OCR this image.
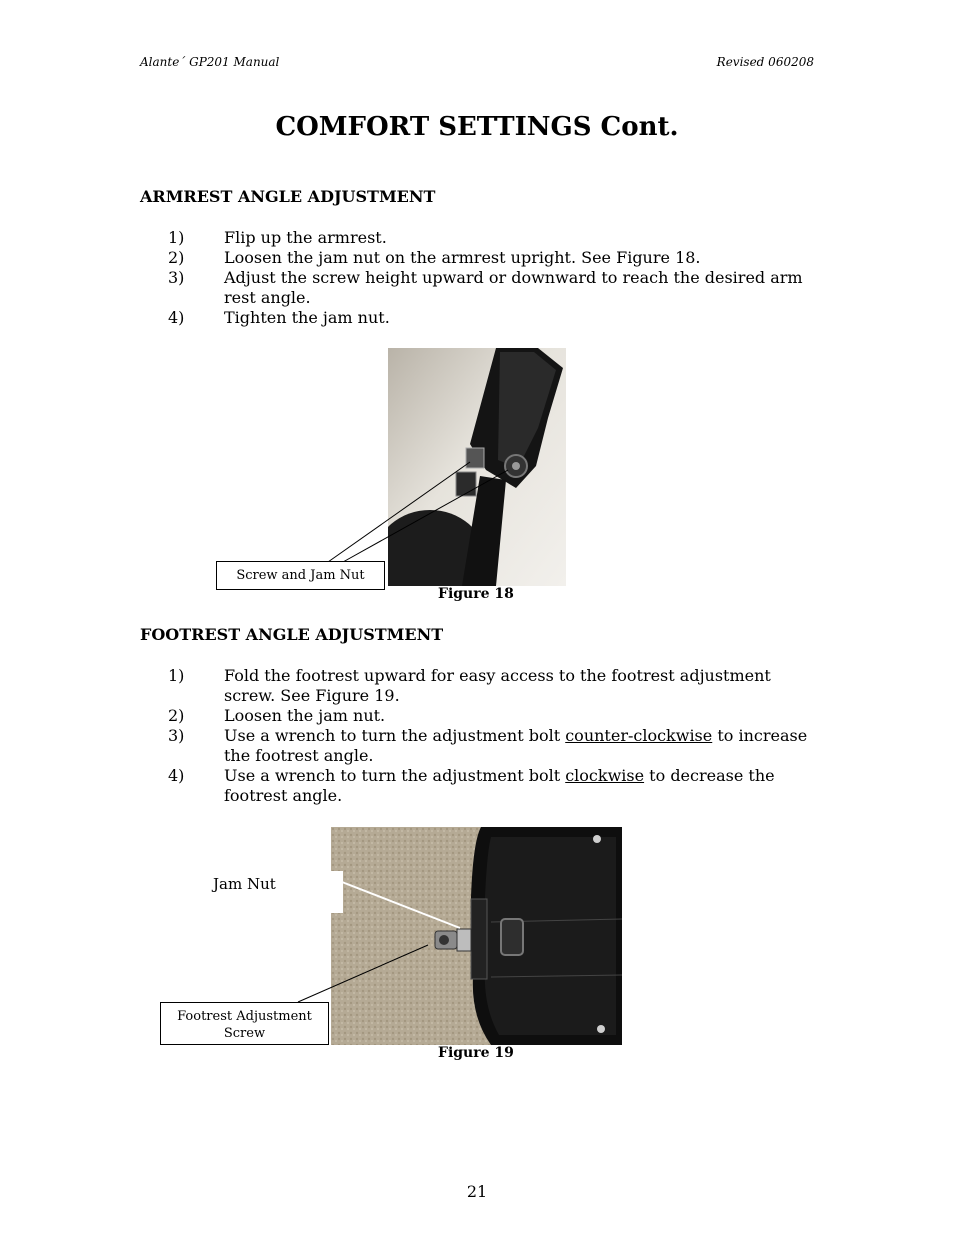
Alante´ GP201 Manual	Revised 060208
COMFORT SETTINGS Cont.
ARMREST ANGLE ADJUSTMENT
1) Flip up the armrest.
2) Loosen the jam nut on the armrest upright. See Figure 18.
3) Adjust the screw height upward or downward to reach the desired arm rest angle.
4) Tighten the jam nut.
Screw and Jam Nut
Figure 18
FOOTREST ANGLE ADJUSTMENT
1) Fold the footrest upward for easy access to the footrest adjustment screw. See Figure 19.
2) Loosen the jam nut.
3) Use a wrench to turn the adjustment bolt counter-clockwise to increase the footrest angle.
4) Use a wrench to turn the adjustment bolt clockwise to decrease the footrest angle.
Jam Nut
Footrest Adjustment Screw
Figure 19
21
